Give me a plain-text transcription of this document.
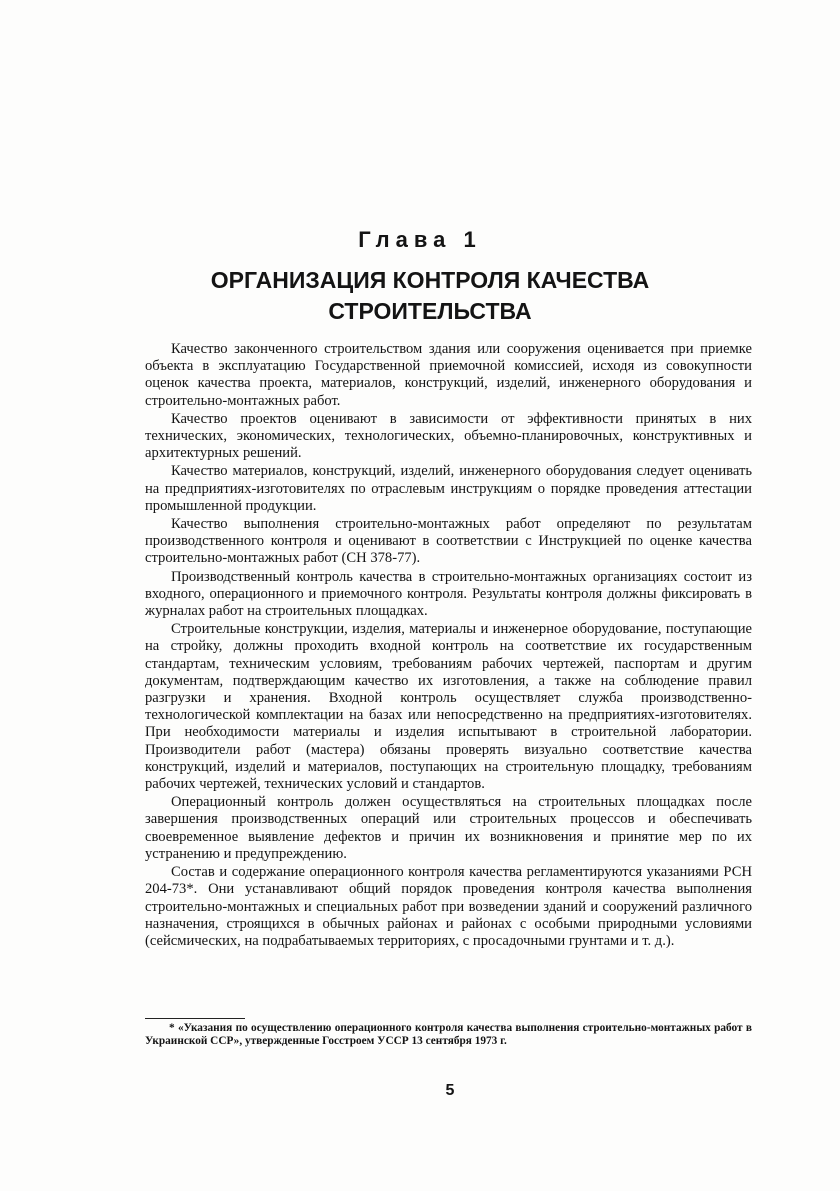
Глава 1
ОРГАНИЗАЦИЯ КОНТРОЛЯ КАЧЕСТВА
СТРОИТЕЛЬСТВА

Качество законченного строительством здания или сооружения оценивается при приемке объекта в эксплуатацию Государственной приемочной комиссией, исходя из совокупности оценок качества проекта, материалов, конструкций, изделий, инженерного оборудования и строительно-монтажных работ.

Качество проектов оценивают в зависимости от эффективности принятых в них технических, экономических, технологических, объемно-планировочных, конструктивных и архитектурных решений.

Качество материалов, конструкций, изделий, инженерного оборудования следует оценивать на предприятиях-изготовителях по отраслевым инструкциям о порядке проведения аттестации промышленной продукции.

Качество выполнения строительно-монтажных работ определяют по результатам производственного контроля и оценивают в соответствии с Инструкцией по оценке качества строительно-монтажных работ (СН 378-77).

Производственный контроль качества в строительно-монтажных организациях состоит из входного, операционного и приемочного контроля. Результаты контроля должны фиксировать в журналах работ на строительных площадках.

Строительные конструкции, изделия, материалы и инженерное оборудование, поступающие на стройку, должны проходить входной контроль на соответствие их государственным стандартам, техническим условиям, требованиям рабочих чертежей, паспортам и другим документам, подтверждающим качество их изготовления, а также на соблюдение правил разгрузки и хранения. Входной контроль осуществляет служба производственно-технологической комплектации на базах или непосредственно на предприятиях-изготовителях. При необходимости материалы и изделия испытывают в строительной лаборатории. Производители работ (мастера) обязаны проверять визуально соответствие качества конструкций, изделий и материалов, поступающих на строительную площадку, требованиям рабочих чертежей, технических условий и стандартов.

Операционный контроль должен осуществляться на строительных площадках после завершения производственных операций или строительных процессов и обеспечивать своевременное выявление дефектов и причин их возникновения и принятие мер по их устранению и предупреждению.

Состав и содержание операционного контроля качества регламентируются указаниями РСН 204-73*. Они устанавливают общий порядок проведения контроля качества выполнения строительно-монтажных и специальных работ при возведении зданий и сооружений различного назначения, строящихся в обычных районах и районах с особыми природными условиями (сейсмических, на подрабатываемых территориях, с просадочными грунтами и т. д.).

* «Указания по осуществлению операционного контроля качества выполнения строительно-монтажных работ в Украинской ССР», утвержденные Госстроем УССР 13 сентября 1973 г.
5
